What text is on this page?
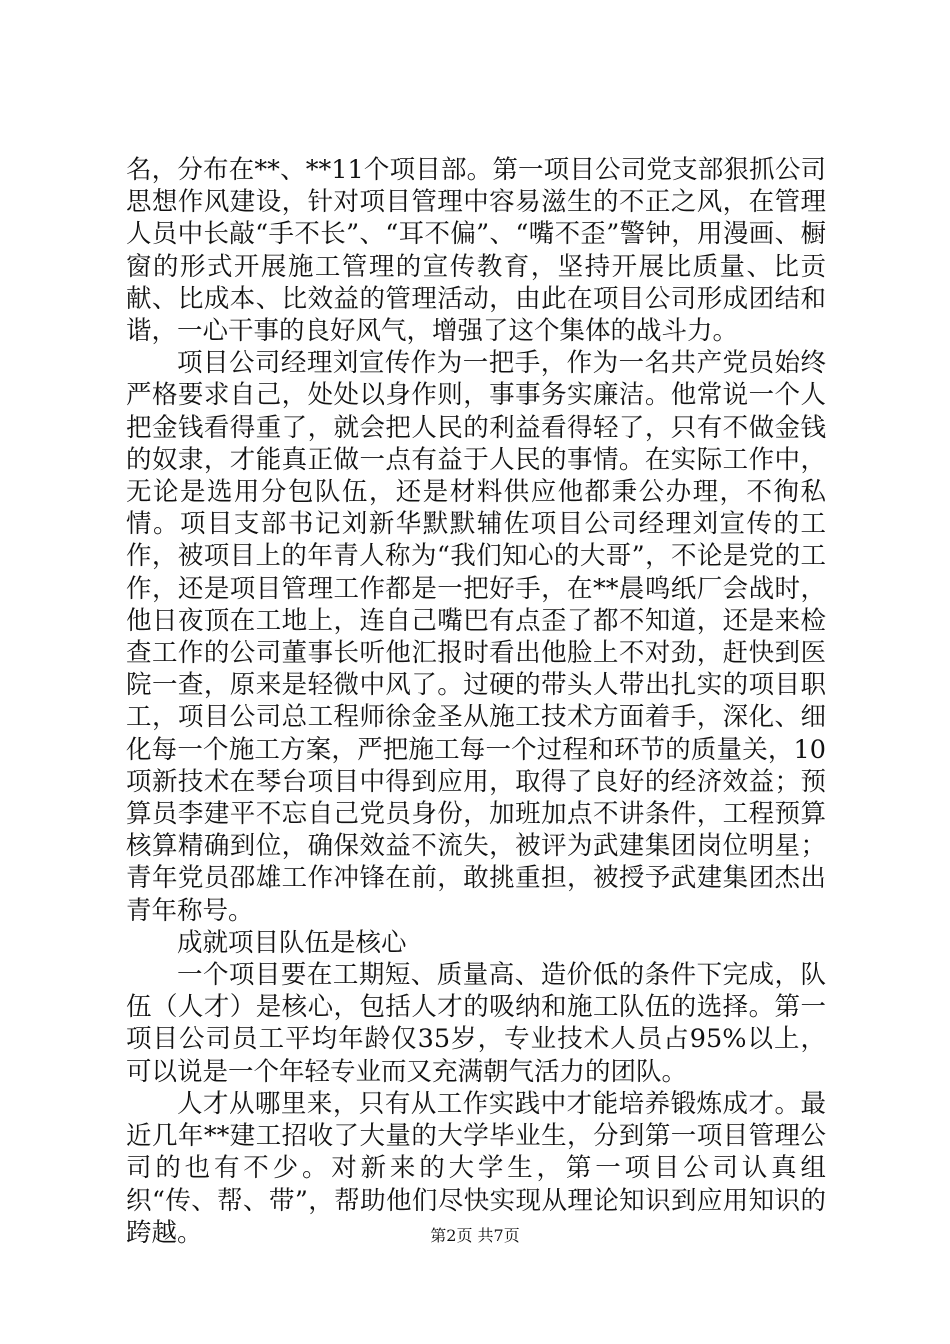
名，分布在**、**11个项目部。第一项目公司党支部狠抓公司思想作风建设，针对项目管理中容易滋生的不正之风，在管理人员中长敲“手不长”、“耳不偏”、“嘴不歪”警钟，用漫画、橱窗的形式开展施工管理的宣传教育，坚持开展比质量、比贡献、比成本、比效益的管理活动，由此在项目公司形成团结和谐，一心干事的良好风气，增强了这个集体的战斗力。

项目公司经理刘宣传作为一把手，作为一名共产党员始终严格要求自己，处处以身作则，事事务实廉洁。他常说一个人把金钱看得重了，就会把人民的利益看得轻了，只有不做金钱的奴隶，才能真正做一点有益于人民的事情。在实际工作中，无论是选用分包队伍，还是材料供应他都秉公办理，不徇私情。项目支部书记刘新华默默辅佐项目公司经理刘宣传的工作，被项目上的年青人称为“我们知心的大哥”，不论是党的工作，还是项目管理工作都是一把好手，在**晨鸣纸厂会战时，他日夜顶在工地上，连自己嘴巴有点歪了都不知道，还是来检查工作的公司董事长听他汇报时看出他脸上不对劲，赶快到医院一查，原来是轻微中风了。过硬的带头人带出扎实的项目职工，项目公司总工程师徐金圣从施工技术方面着手，深化、细化每一个施工方案，严把施工每一个过程和环节的质量关，10项新技术在琴台项目中得到应用，取得了良好的经济效益；预算员李建平不忘自己党员身份，加班加点不讲条件，工程预算核算精确到位，确保效益不流失，被评为武建集团岗位明星；青年党员邵雄工作冲锋在前，敢挑重担，被授予武建集团杰出青年称号。

成就项目队伍是核心

一个项目要在工期短、质量高、造价低的条件下完成，队伍（人才）是核心，包括人才的吸纳和施工队伍的选择。第一项目公司员工平均年龄仅35岁，专业技术人员占95%以上，可以说是一个年轻专业而又充满朝气活力的团队。

人才从哪里来，只有从工作实践中才能培养锻炼成才。最近几年**建工招收了大量的大学毕业生，分到第一项目管理公司的也有不少。对新来的大学生，第一项目公司认真组织“传、帮、带”，帮助他们尽快实现从理论知识到应用知识的跨越。	第2页 共7页
